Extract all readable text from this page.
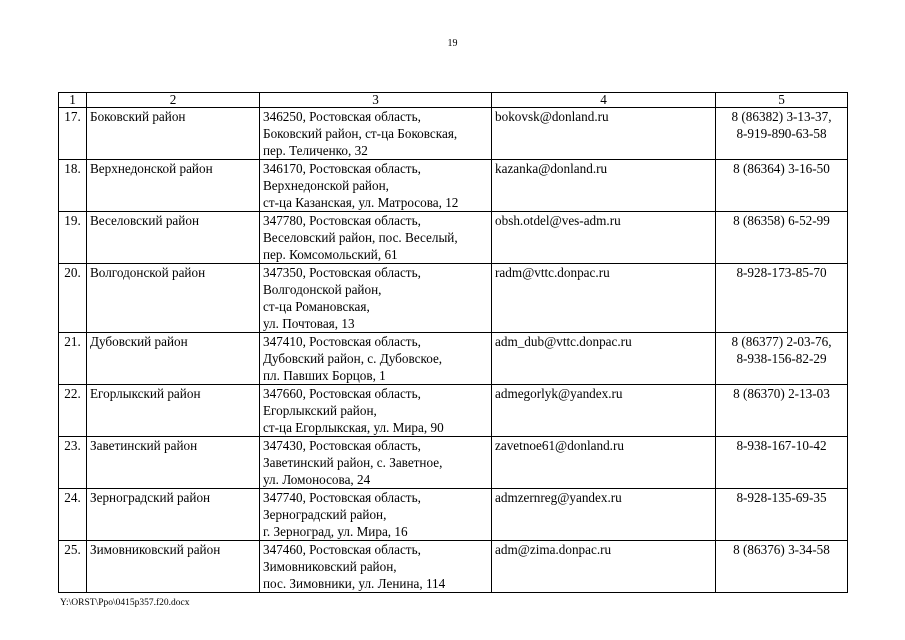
19
1	2	3	4	5
17.	Боковский район	346250, Ростовская область,
Боковский район, ст-ца Боковская,
пер. Теличенко, 32	bokovsk@donland.ru	8 (86382) 3-13-37,
8-919-890-63-58

18.	Верхнедонской район	346170, Ростовская область,
Верхнедонской район,
ст-ца Казанская, ул. Матросова, 12	kazanka@donland.ru	8 (86364) 3-16-50

19.	Веселовский район	347780, Ростовская область,
Веселовский район, пос. Веселый,
пер. Комсомольский, 61	obsh.otdel@ves-adm.ru	8 (86358) 6-52-99

20.	Волгодонской район	347350, Ростовская область,
Волгодонской район,
ст-ца Романовская,
ул. Почтовая, 13	radm@vttc.donpac.ru	8-928-173-85-70

21.	Дубовский район	347410, Ростовская область,
Дубовский район, с. Дубовское,
пл. Павших Борцов, 1	adm_dub@vttc.donpac.ru	8 (86377) 2-03-76,
8-938-156-82-29

22.	Егорлыкский район	347660, Ростовская область,
Егорлыкский район,
ст-ца Егорлыкская, ул. Мира, 90	admegorlyk@yandex.ru	8 (86370) 2-13-03

23.	Заветинский район	347430, Ростовская область,
Заветинский район, с. Заветное,
ул. Ломоносова, 24	zavetnoe61@donland.ru	8-938-167-10-42

24.	Зерноградский район	347740, Ростовская область,
Зерноградский район,
г. Зерноград, ул. Мира, 16	admzernreg@yandex.ru	8-928-135-69-35

25.	Зимовниковский район	347460, Ростовская область,
Зимовниковский район,
пос. Зимовники, ул. Ленина, 114	adm@zima.donpac.ru	8 (86376) 3-34-58
Y:\ORST\Ppo\0415p357.f20.docx
